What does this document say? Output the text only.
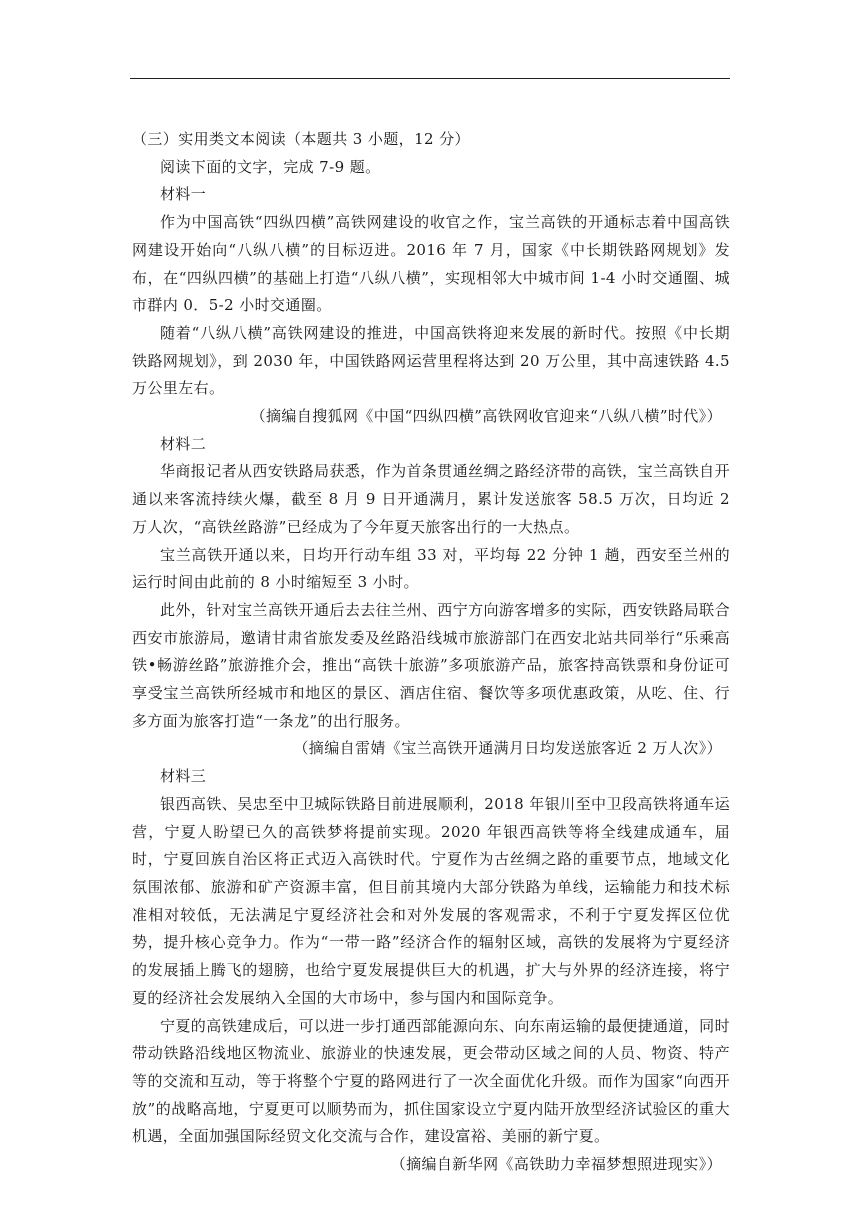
（三）实用类文本阅读（本题共 3 小题，12 分）

阅读下面的文字，完成 7-9 题。

材料一

作为中国高铁“四纵四横”高铁网建设的收官之作，宝兰高铁的开通标志着中国高铁网建设开始向“八纵八横”的目标迈进。2016 年 7 月，国家《中长期铁路网规划》发布，在“四纵四横”的基础上打造“八纵八横”，实现相邻大中城市间 1-4 小时交通圈、城市群内 0．5-2 小时交通圈。

随着“八纵八横”高铁网建设的推进，中国高铁将迎来发展的新时代。按照《中长期铁路网规划》，到 2030 年，中国铁路网运营里程将达到 20 万公里，其中高速铁路 4.5 万公里左右。

（摘编自搜狐网《中国“四纵四横”高铁网收官迎来“八纵八横”时代》）

材料二

华商报记者从西安铁路局获悉，作为首条贯通丝绸之路经济带的高铁，宝兰高铁自开通以来客流持续火爆，截至 8 月 9 日开通满月，累计发送旅客 58.5 万次，日均近 2 万人次，“高铁丝路游”已经成为了今年夏天旅客出行的一大热点。

宝兰高铁开通以来，日均开行动车组 33 对，平均每 22 分钟 1 趟，西安至兰州的运行时间由此前的 8 小时缩短至 3 小时。

此外，针对宝兰高铁开通后去去往兰州、西宁方向游客增多的实际，西安铁路局联合西安市旅游局，邀请甘肃省旅发委及丝路沿线城市旅游部门在西安北站共同举行“乐乘高铁•畅游丝路”旅游推介会，推出“高铁十旅游”多项旅游产品，旅客持高铁票和身份证可享受宝兰高铁所经城市和地区的景区、酒店住宿、餐饮等多项优惠政策，从吃、住、行多方面为旅客打造“一条龙”的出行服务。

（摘编自雷婧《宝兰高铁开通满月日均发送旅客近 2 万人次》）

材料三

银西高铁、吴忠至中卫城际铁路目前进展顺利，2018 年银川至中卫段高铁将通车运营，宁夏人盼望已久的高铁梦将提前实现。2020 年银西高铁等将全线建成通车，届时，宁夏回族自治区将正式迈入高铁时代。宁夏作为古丝绸之路的重要节点，地域文化氛围浓郁、旅游和矿产资源丰富，但目前其境内大部分铁路为单线，运输能力和技术标准相对较低，无法满足宁夏经济社会和对外发展的客观需求，不利于宁夏发挥区位优势，提升核心竞争力。作为“一带一路”经济合作的辐射区域，高铁的发展将为宁夏经济的发展插上腾飞的翅膀，也给宁夏发展提供巨大的机遇，扩大与外界的经济连接，将宁夏的经济社会发展纳入全国的大市场中，参与国内和国际竞争。

宁夏的高铁建成后，可以进一步打通西部能源向东、向东南运输的最便捷通道，同时带动铁路沿线地区物流业、旅游业的快速发展，更会带动区域之间的人员、物资、特产等的交流和互动，等于将整个宁夏的路网进行了一次全面优化升级。而作为国家“向西开放”的战略高地，宁夏更可以顺势而为，抓住国家设立宁夏内陆开放型经济试验区的重大机遇，全面加强国际经贸文化交流与合作，建设富裕、美丽的新宁夏。

（摘编自新华网《高铁助力幸福梦想照进现实》）
